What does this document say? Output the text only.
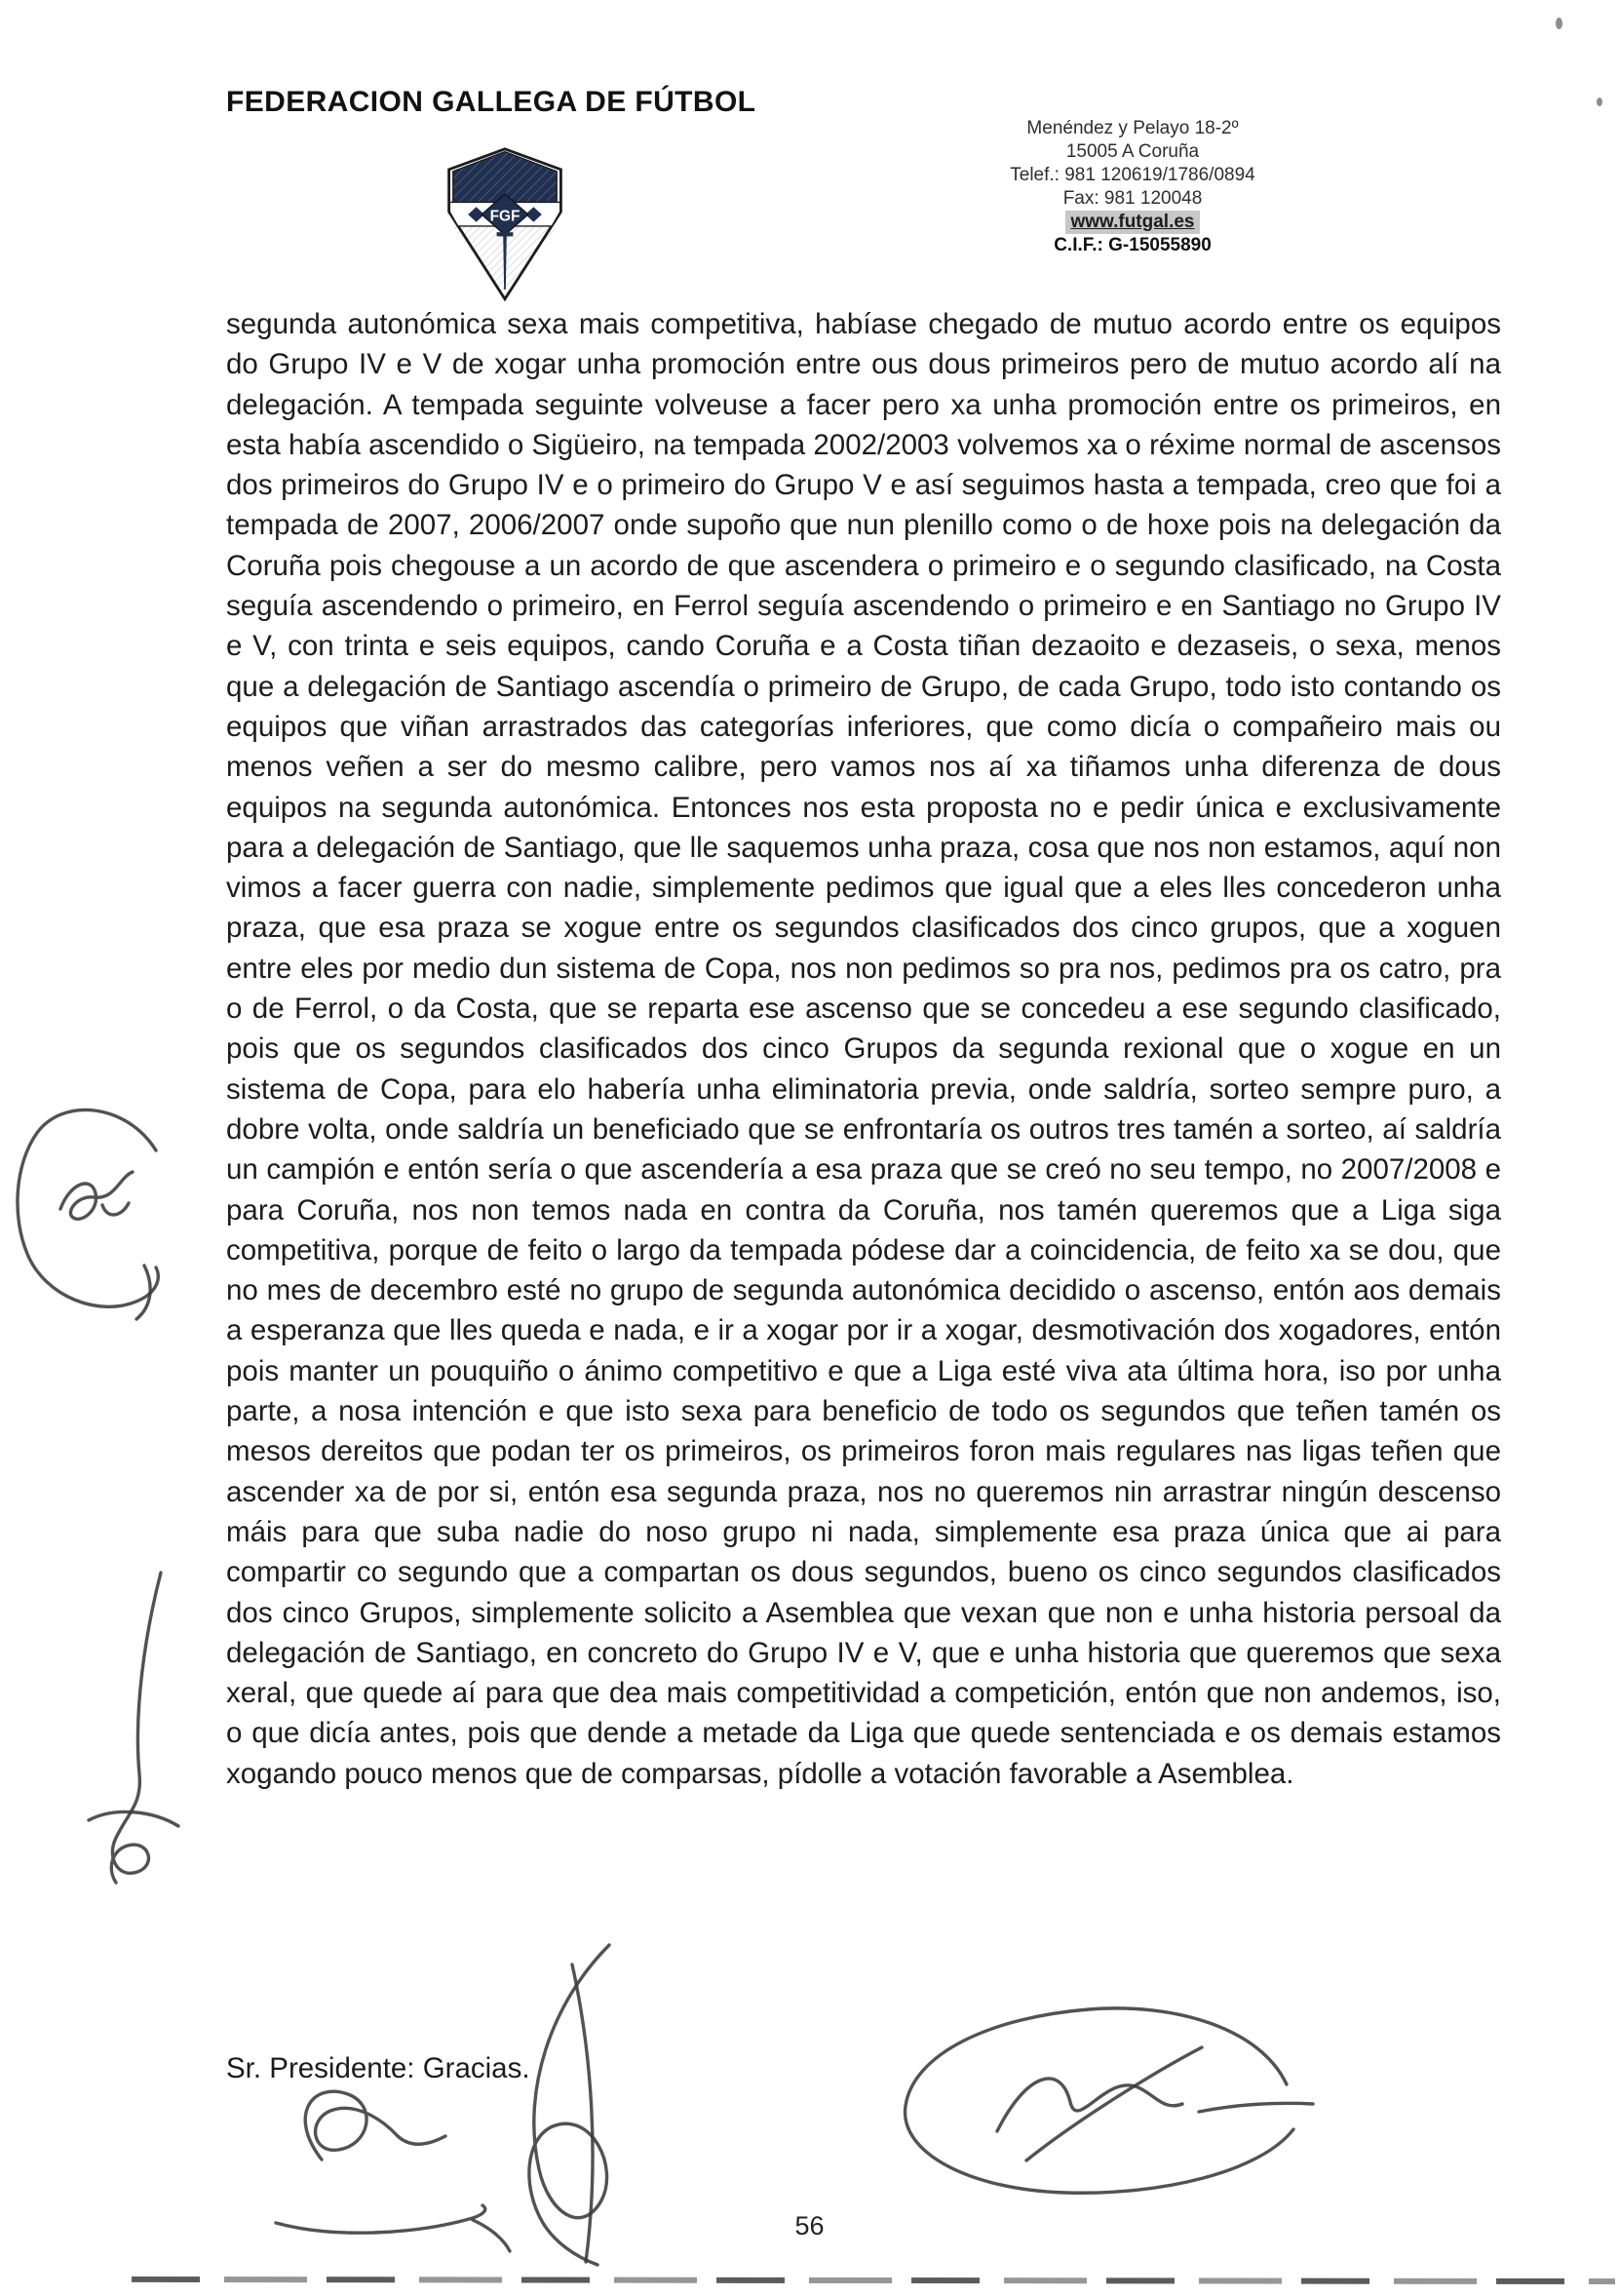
FEDERACION GALLEGA DE FÚTBOL
FGF
Menéndez y Pelayo 18-2º
15005 A Coruña
Telef.: 981 120619/1786/0894
Fax: 981 120048
www.futgal.es
C.I.F.: G-15055890

segunda autonómica sexa mais competitiva, habíase chegado de mutuo acordo entre os equipos do Grupo IV e V de xogar unha promoción entre ous dous primeiros pero de mutuo acordo alí na delegación. A tempada seguinte volveuse a facer pero xa unha promoción entre os primeiros, en esta había ascendido o Sigüeiro, na tempada 2002/2003 volvemos xa o réxime normal de ascensos dos primeiros do Grupo IV e o primeiro do Grupo V e así seguimos hasta a tempada, creo que foi a tempada de 2007, 2006/2007 onde supoño que nun plenillo como o de hoxe pois na delegación da Coruña pois chegouse a un acordo de que ascendera o primeiro e o segundo clasificado, na Costa seguía ascendendo o primeiro, en Ferrol seguía ascendendo o primeiro e en Santiago no Grupo IV e V, con trinta e seis equipos, cando Coruña e a Costa tiñan dezaoito e dezaseis, o sexa, menos que a delegación de Santiago ascendía o primeiro de Grupo, de cada Grupo, todo isto contando os equipos que viñan arrastrados das categorías inferiores, que como dicía o compañeiro mais ou menos veñen a ser do mesmo calibre, pero vamos nos aí xa tiñamos unha diferenza de dous equipos na segunda autonómica. Entonces nos esta proposta no e pedir única e exclusivamente para a delegación de Santiago, que lle saquemos unha praza, cosa que nos non estamos, aquí non vimos a facer guerra con nadie, simplemente pedimos que igual que a eles lles concederon unha praza, que esa praza se xogue entre os segundos clasificados dos cinco grupos, que a xoguen entre eles por medio dun sistema de Copa, nos non pedimos so pra nos, pedimos pra os catro, pra o de Ferrol, o da Costa, que se reparta ese ascenso que se concedeu a ese segundo clasificado, pois que os segundos clasificados dos cinco Grupos da segunda rexional que o xogue en un sistema de Copa, para elo habería unha eliminatoria previa, onde saldría, sorteo sempre puro, a dobre volta, onde saldría un beneficiado que se enfrontaría os outros tres tamén a sorteo, aí saldría un campión e entón sería o que ascendería a esa praza que se creó no seu tempo, no 2007/2008 e para Coruña, nos non temos nada en contra da Coruña, nos tamén queremos que a Liga siga competitiva, porque de feito o largo da tempada pódese dar a coincidencia, de feito xa se dou, que no mes de decembro esté no grupo de segunda autonómica decidido o ascenso, entón aos demais a esperanza que lles queda e nada, e ir a xogar por ir a xogar, desmotivación dos xogadores, entón pois manter un pouquiño o ánimo competitivo e que a Liga esté viva ata última hora, iso por unha parte, a nosa intención e que isto sexa para beneficio de todo os segundos que teñen tamén os mesos dereitos que podan ter os primeiros, os primeiros foron mais regulares nas ligas teñen que ascender xa de por si, entón esa segunda praza, nos no queremos nin arrastrar ningún descenso máis para que suba nadie do noso grupo ni nada, simplemente esa praza única que ai para compartir co segundo que a compartan os dous segundos, bueno os cinco segundos clasificados dos cinco Grupos, simplemente solicito a Asemblea que vexan que non e unha historia persoal da delegación de Santiago, en concreto do Grupo IV e V, que e unha historia que queremos que sexa xeral, que quede aí para que dea mais competitividad a competición, entón que non andemos, iso, o que dicía antes, pois que dende a metade da Liga que quede sentenciada e os demais estamos xogando pouco menos que de comparsas, pídolle a votación favorable a Asemblea.

Sr. Presidente: Gracias.

56
